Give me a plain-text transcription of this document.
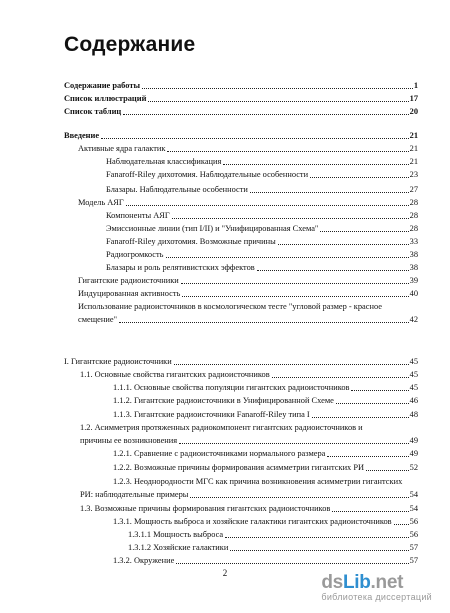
Содержание
Содержание работы	1
Список иллюстраций	17
Список таблиц	20
Введение	21
Активные ядра галактик	21
Наблюдательная классификация	21
Fanaroff-Riley дихотомия. Наблюдательные особенности	23
Блазары. Наблюдательные особенности	27
Модель АЯГ	28
Компоненты АЯГ	28
Эмиссионные линии (тип I/II) и "Унифицированная Схема"	28
Fanaroff-Riley дихотомия. Возможные причины	33
Радиогромкость	38
Блазары и роль релятивистских эффектов	38
Гигантские радиоисточники	39
Индуцированная активность	40
Использование радиоисточников в космологическом тесте "угловой размер - красное
смещение"	42
I. Гигантские радиоисточники	45
1.1. Основные свойства гигантских радиоисточников	45
1.1.1. Основные свойства популяции гигантских радиоисточников	45
1.1.2. Гигантские радиоисточники в Унифицированной Схеме	46
1.1.3. Гигантские радиоисточники Fanaroff-Riley типа I	48
1.2. Асимметрия протяженных радиокомпонент гигантских радиоисточников и
причины ее возникновения	49
1.2.1. Сравнение с радиоисточниками нормального размера	49
1.2.2. Возможные причины формирования асимметрии гигантских РИ	52
1.2.3. Неоднородности МГС как причина возникновения асимметрии гигантских
РИ: наблюдательные примеры	54
1.3. Возможные причины формирования гигантских радиоисточников	54
1.3.1. Мощность выброса и хозяйские галактики гигантских радиоисточников 56
1.3.1.1 Мощность выброса	56
1.3.1.2 Хозяйские галактики	57
1.3.2. Окружение	57
2	dsLib.net
библиотека диссертаций
